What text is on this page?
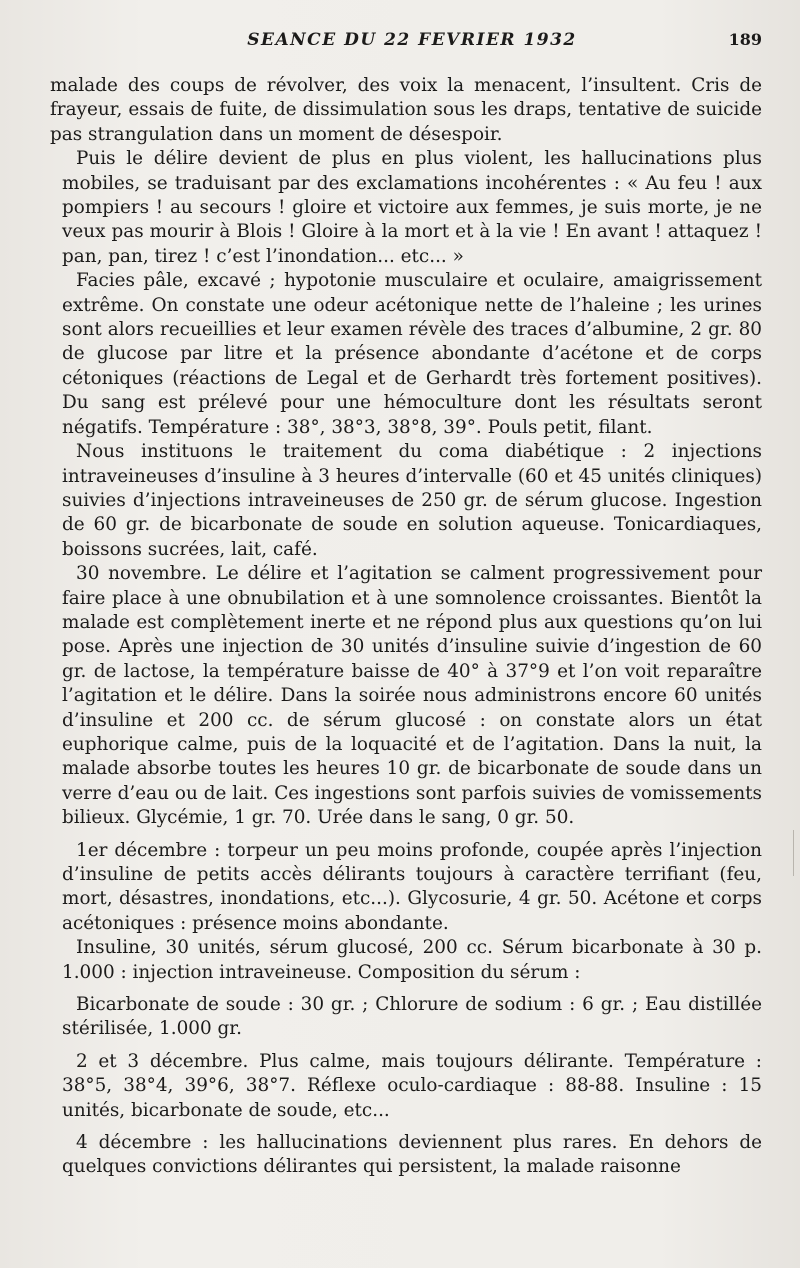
SEANCE DU 22 FEVRIER 1932	189

malade des coups de révolver, des voix la menacent, l’insultent. Cris de frayeur, essais de fuite, de dissimulation sous les draps, tentative de suicide pas strangulation dans un moment de désespoir.

Puis le délire devient de plus en plus violent, les hallucinations plus mobiles, se traduisant par des exclamations incohérentes : « Au feu ! aux pompiers ! au secours ! gloire et victoire aux femmes, je suis morte, je ne veux pas mourir à Blois ! Gloire à la mort et à la vie ! En avant ! attaquez ! pan, pan, tirez ! c’est l’inondation... etc... »

Facies pâle, excavé ; hypotonie musculaire et oculaire, amaigrissement extrême. On constate une odeur acétonique nette de l’haleine ; les urines sont alors recueillies et leur examen révèle des traces d’albumine, 2 gr. 80 de glucose par litre et la présence abondante d’acétone et de corps cétoniques (réactions de Legal et de Gerhardt très fortement positives). Du sang est prélevé pour une hémoculture dont les résultats seront négatifs. Température : 38°, 38°3, 38°8, 39°. Pouls petit, filant.

Nous instituons le traitement du coma diabétique : 2 injections intraveineuses d’insuline à 3 heures d’intervalle (60 et 45 unités cliniques) suivies d’injections intraveineuses de 250 gr. de sérum glucose. Ingestion de 60 gr. de bicarbonate de soude en solution aqueuse. Tonicardiaques, boissons sucrées, lait, café.

30 novembre. Le délire et l’agitation se calment progressivement pour faire place à une obnubilation et à une somnolence croissantes. Bientôt la malade est complètement inerte et ne répond plus aux questions qu’on lui pose. Après une injection de 30 unités d’insuline suivie d’ingestion de 60 gr. de lactose, la température baisse de 40° à 37°9 et l’on voit reparaître l’agitation et le délire. Dans la soirée nous administrons encore 60 unités d’insuline et 200 cc. de sérum glucosé : on constate alors un état euphorique calme, puis de la loquacité et de l’agitation. Dans la nuit, la malade absorbe toutes les heures 10 gr. de bicarbonate de soude dans un verre d’eau ou de lait. Ces ingestions sont parfois suivies de vomissements bilieux. Glycémie, 1 gr. 70. Urée dans le sang, 0 gr. 50.

1er décembre : torpeur un peu moins profonde, coupée après l’injection d’insuline de petits accès délirants toujours à caractère terrifiant (feu, mort, désastres, inondations, etc...). Glycosurie, 4 gr. 50. Acétone et corps acétoniques : présence moins abondante.

Insuline, 30 unités, sérum glucosé, 200 cc. Sérum bicarbonate à 30 p. 1.000 : injection intraveineuse. Composition du sérum :

Bicarbonate de soude : 30 gr. ; Chlorure de sodium : 6 gr. ; Eau distillée stérilisée, 1.000 gr.

2 et 3 décembre. Plus calme, mais toujours délirante. Température : 38°5, 38°4, 39°6, 38°7. Réflexe oculo-cardiaque : 88-88. Insuline : 15 unités, bicarbonate de soude, etc...

4 décembre : les hallucinations deviennent plus rares. En dehors de quelques convictions délirantes qui persistent, la malade raisonne
